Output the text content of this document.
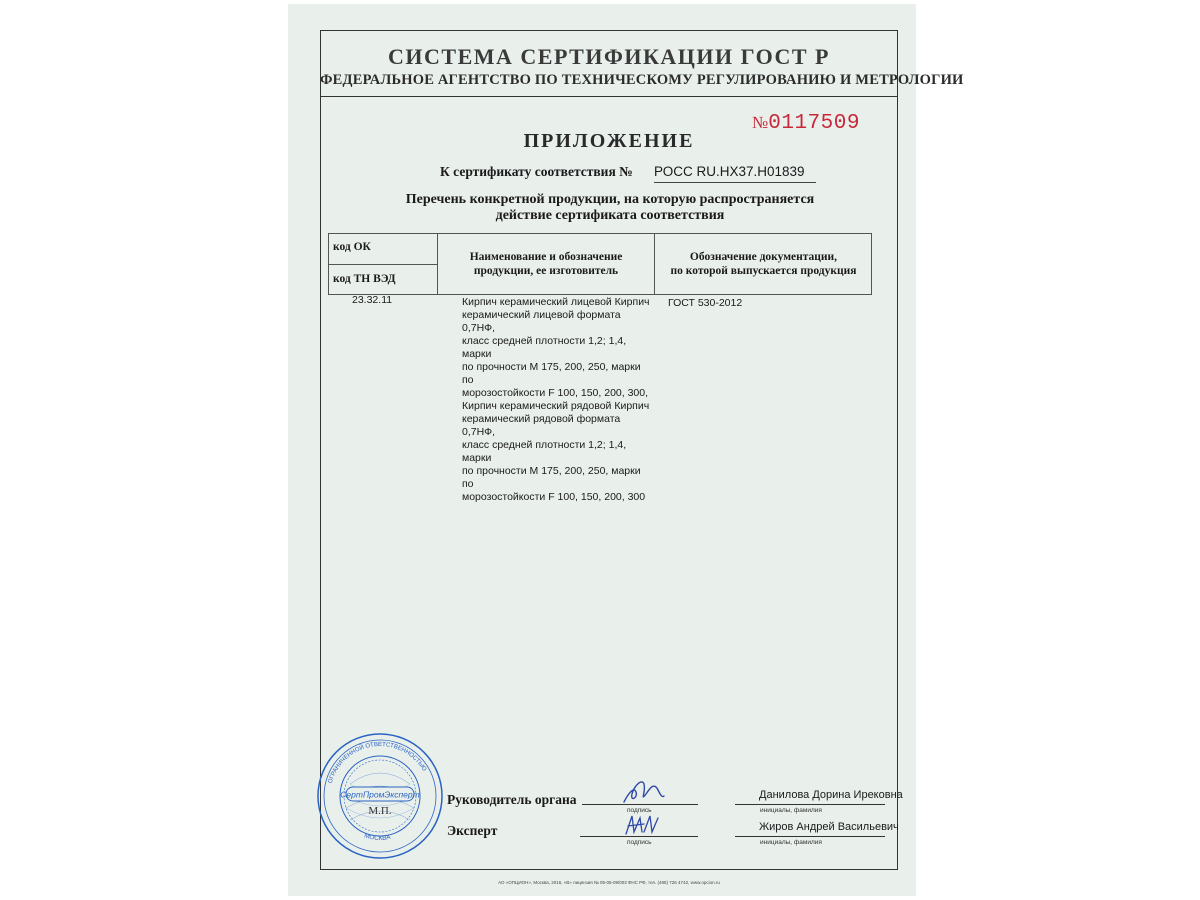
СИСТЕМА СЕРТИФИКАЦИИ ГОСТ Р
ФЕДЕРАЛЬНОЕ АГЕНТСТВО ПО ТЕХНИЧЕСКОМУ РЕГУЛИРОВАНИЮ И МЕТРОЛОГИИ
№0117509
ПРИЛОЖЕНИЕ
К сертификату соответствия № РОСС RU.HX37.H01839
Перечень конкретной продукции, на которую распространяется
действие сертификата соответствия
код ОК
код ТН ВЭД
Наименование и обозначение
продукции, ее изготовитель
Обозначение документации,
по которой выпускается продукция
23.32.11	Кирпич керамический лицевой Кирпич
керамический лицевой формата 0,7НФ,
класс средней плотности 1,2; 1,4, марки
по прочности М 175, 200, 250, марки по
морозостойкости F 100, 150, 200, 300,
Кирпич керамический рядовой Кирпич
керамический рядовой формата 0,7НФ,
класс средней плотности 1,2; 1,4, марки
по прочности М 175, 200, 250, марки по
морозостойкости F 100, 150, 200, 300
ГОСТ 530-2012
ОГРАНИЧЕННОЙ ОТВЕТСТВЕННОСТЬЮ
МОСКВА
СертПромЭксперт
М.П.
Руководитель органа
Эксперт
подпись
подпись
инициалы, фамилия
инициалы, фамилия
Данилова Дорина Ирековна
Жиров Андрей Васильевич
АО «ОПЦИОН», Москва, 2016, «В» лицензия № 05-05-09/003 ФНС РФ, тел. (495) 726 4742, www.opcion.ru
